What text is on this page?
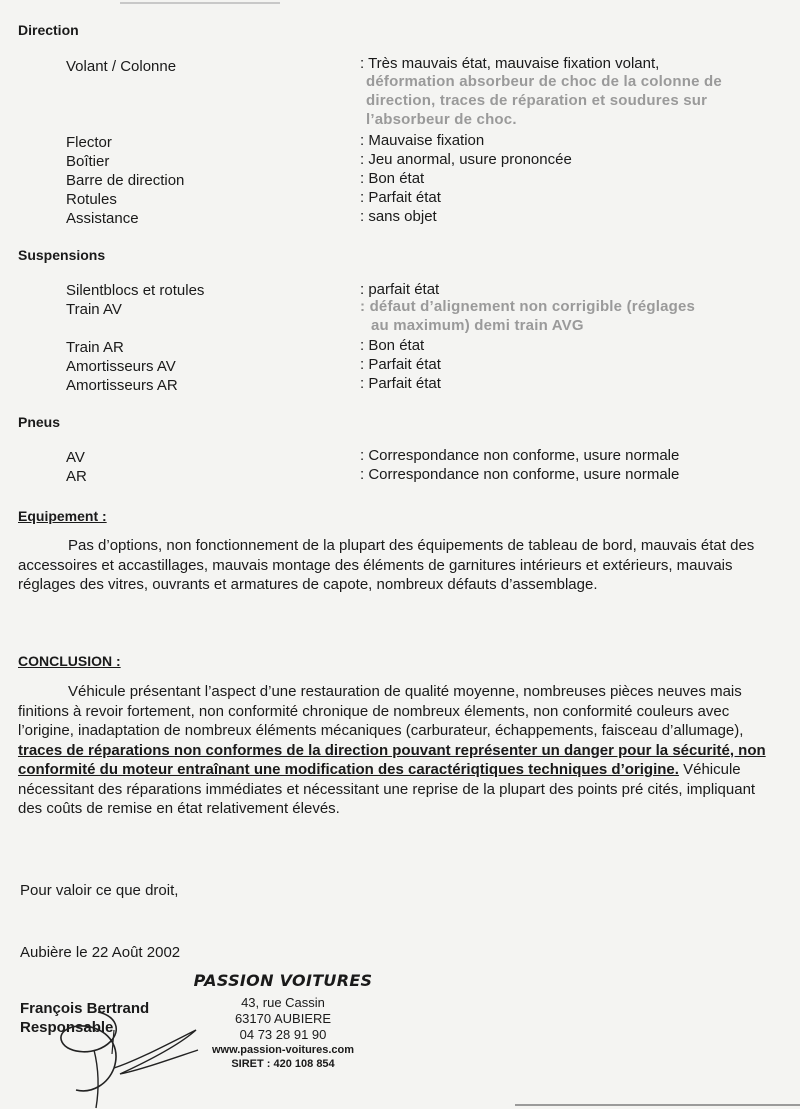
Direction
Volant / Colonne	: Très mauvais état, mauvaise fixation volant,
déformation absorbeur de choc de la colonne de
direction, traces de réparation et soudures sur
l’absorbeur de choc.
Flector	: Mauvaise fixation
Boîtier	: Jeu anormal, usure prononcée
Barre de direction	: Bon état
Rotules	: Parfait état
Assistance	: sans objet
Suspensions
Silentblocs et rotules	: parfait état
Train AV	: défaut d’alignement non corrigible (réglages
au maximum) demi train AVG
Train AR	: Bon état
Amortisseurs AV	: Parfait état
Amortisseurs AR	: Parfait état
Pneus
AV	: Correspondance non conforme, usure normale
AR	: Correspondance non conforme, usure normale
Equipement :
Pas d’options, non fonctionnement de la plupart des équipements de tableau de bord, mauvais état des accessoires et accastillages, mauvais montage des éléments de garnitures intérieurs et extérieurs, mauvais réglages des vitres, ouvrants et armatures de capote, nombreux défauts d’assemblage.
CONCLUSION :
Véhicule présentant l’aspect d’une restauration de qualité moyenne, nombreuses pièces neuves mais finitions à revoir fortement, non conformité chronique de nombreux élements, non conformité couleurs avec l’origine, inadaptation de nombreux éléments mécaniques (carburateur, échappements, faisceau d’allumage), traces de réparations non conformes de la direction pouvant représenter un danger pour la sécurité, non conformité du moteur entraînant une modification des caractériqtiques techniques d’origine. Véhicule nécessitant des réparations immédiates et nécessitant une reprise de la plupart des points pré cités, impliquant des coûts de remise en état relativement élevés.
Pour valoir ce que droit,
Aubière le 22 Août 2002
François Bertrand
Responsable
PASSION VOITURES
43, rue Cassin
63170 AUBIERE
04 73 28 91 90
www.passion-voitures.com
SIRET : 420 108 854
